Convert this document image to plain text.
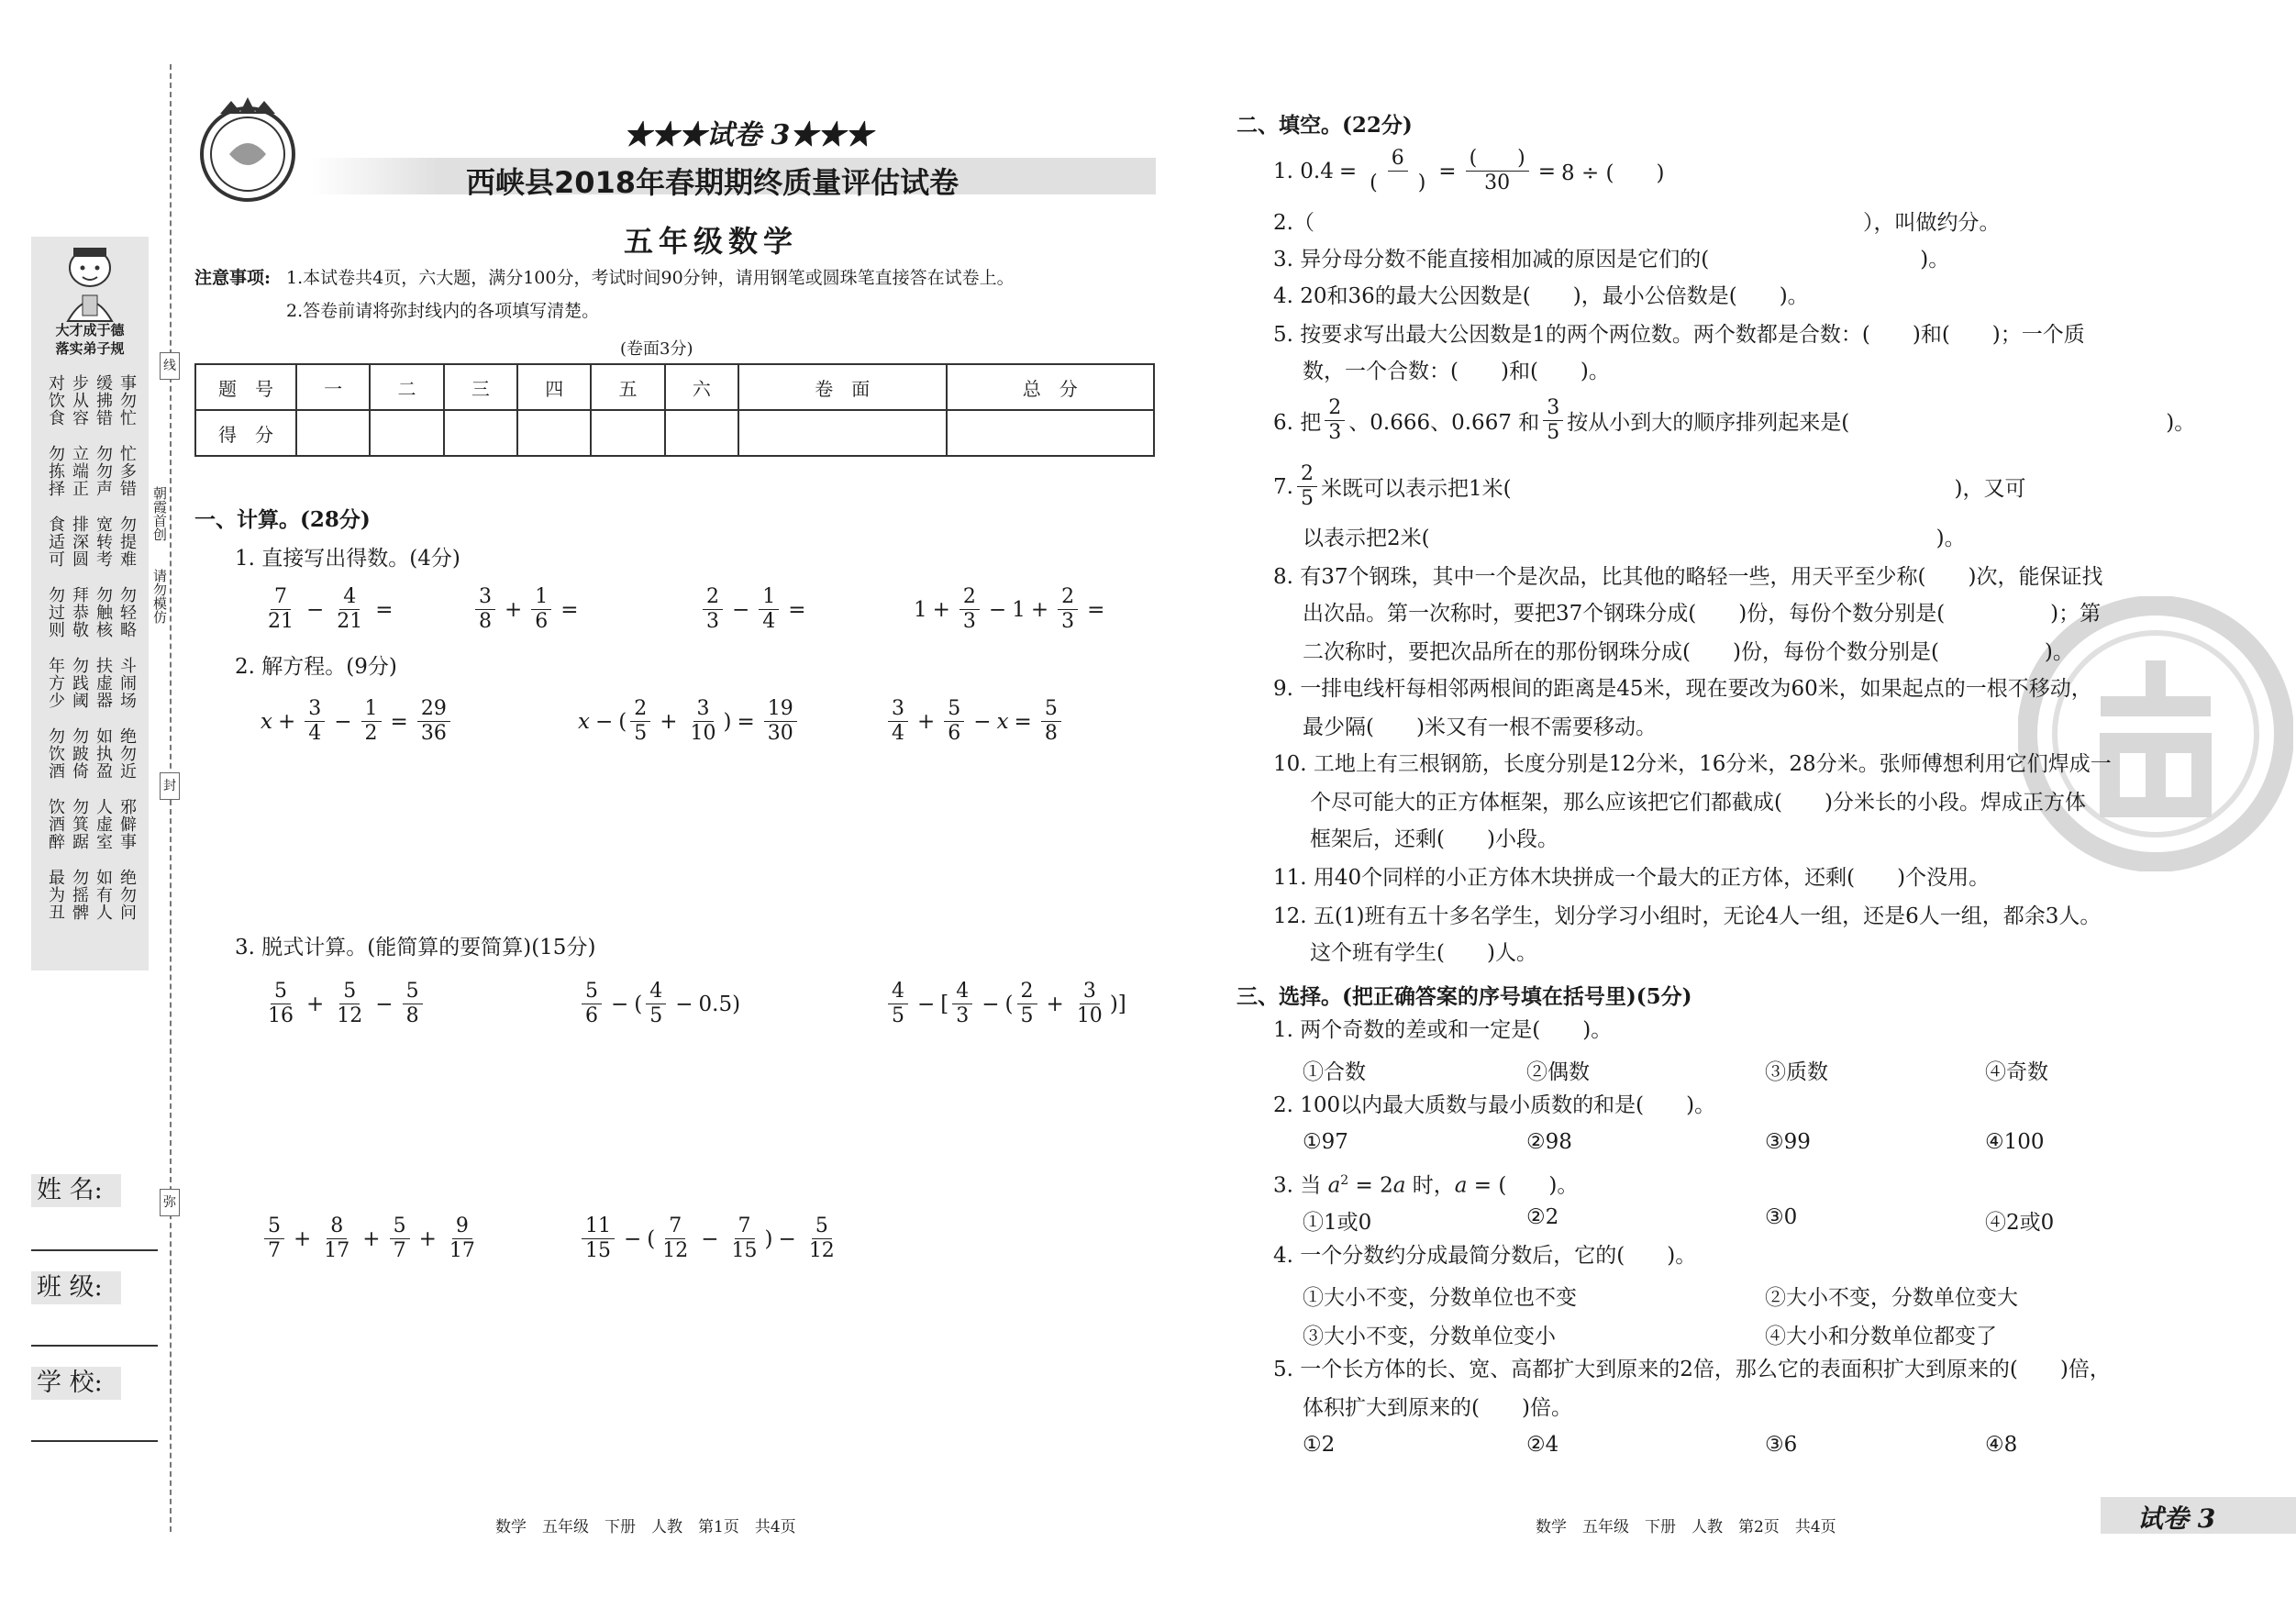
大才成于德
落实弟子规
事勿忙
缓拂错
步从容
对饮食
忙多错
勿勿声
立端正
勿拣择
勿提难
宽转考
排深圆
食适可
勿轻略
勿触核
拜恭敬
勿过则
斗闹场
扶虚器
勿践阈
年方少
绝勿近
如执盈
勿跛倚
勿饮酒
邪僻事
人虚室
勿箕踞
饮酒醉
绝勿问
如有人
勿摇髀
最为丑
朝霞首创
请勿模仿
线
封
弥
姓 名:
班 级:
学 校:
★★★试卷 3★★★
西峡县2018年春期期终质量评估试卷
五年级数学
注意事项: 1.本试卷共4页，六大题，满分100分，考试时间90分钟，请用钢笔或圆珠笔直接答在试卷上。
2.答卷前请将弥封线内的各项填写清楚。
(卷面3分)
题　号	一	二	三	四	五	六	卷　面	总　分
得　分								
一、计算。(28分)
1. 直接写出得数。(4分)
$\frac{7}{21} - \frac{4}{21}$ =	$\frac{3}{8} + \frac{1}{6}$ =	$\frac{2}{3} - \frac{1}{4}$ =	$1 + \frac{2}{3} - 1 + \frac{2}{3}$ =
2. 解方程。(9分)
$x + \frac{3}{4} - \frac{1}{2} = \frac{29}{36}$	x − ( $\frac{2}{5} + \frac{3}{10}$ ) = $\frac{19}{30}$	$\frac{3}{4} + \frac{5}{6} - x = \frac{5}{8}$
3. 脱式计算。(能简算的要简算)(15分)
$\frac{5}{16} + \frac{5}{12} - \frac{5}{8}$	$\frac{5}{6}$ − ( $\frac{4}{5} - 0.5$)	$\frac{4}{5}$ − [ $\frac{4}{3}$ − ( $\frac{2}{5} + \frac{3}{10}$ )]
$\frac{5}{7} + \frac{8}{17} + \frac{5}{7} + \frac{9}{17}$	$\frac{11}{15}$ − ( $\frac{7}{12} - \frac{7}{15}$ ) − $\frac{5}{12}$
数学　五年级　下册　人教　第1页　共4页
二、填空。(22分)
1. $0.4 = \frac{6}{( )} = \frac{( )}{30} = 8$ ÷ (　　)
2.（　　　　　　　　　　　　　　　　　　　　　　　　　　），叫做约分。
3. 异分母分数不能直接相加减的原因是它们的(　　　　　　　　　　)。
4. 20和36的最大公因数是(　　)，最小公倍数是(　　)。
5. 按要求写出最大公因数是1的两个两位数。两个数都是合数：(　　)和(　　)；一个质
数，一个合数：(　　)和(　　)。
6. 把 $\frac{2}{3}$ 、0.666、0.667 和 $\frac{3}{5}$ 按从小到大的顺序排列起来是(　　　　　　　　　　　　　　　)。
7. $\frac{2}{5}$ 米既可以表示把1米(　　　　　　　　　　　　　　　　　　　　　)，又可
以表示把2米(　　　　　　　　　　　　　　　　　　　　　　　　)。
8. 有37个钢珠，其中一个是次品，比其他的略轻一些，用天平至少称(　　)次，能保证找
出次品。第一次称时，要把37个钢珠分成(　　)份，每份个数分别是(　　　　　)；第
二次称时，要把次品所在的那份钢珠分成(　　)份，每份个数分别是(　　　　　)。
9. 一排电线杆每相邻两根间的距离是45米，现在要改为60米，如果起点的一根不移动，
最少隔(　　)米又有一根不需要移动。
10. 工地上有三根钢筋，长度分别是12分米，16分米，28分米。张师傅想利用它们焊成一
个尽可能大的正方体框架，那么应该把它们都截成(　　)分米长的小段。焊成正方体
框架后，还剩(　　)小段。
11. 用40个同样的小正方体木块拼成一个最大的正方体，还剩(　　)个没用。
12. 五(1)班有五十多名学生，划分学习小组时，无论4人一组，还是6人一组，都余3人。
这个班有学生(　　)人。
三、选择。(把正确答案的序号填在括号里)(5分)
1. 两个奇数的差或和一定是(　　)。
①合数	②偶数	③质数	④奇数
2. 100以内最大质数与最小质数的和是(　　)。
①97	②98	③99	④100
3. 当 $a^2 = 2a$ 时，a = (　　)。
①1或0	②2	③0	④2或0
4. 一个分数约分成最简分数后，它的(　　)。
①大小不变，分数单位也不变	②大小不变，分数单位变大
③大小不变，分数单位变小	④大小和分数单位都变了
5. 一个长方体的长、宽、高都扩大到原来的2倍，那么它的表面积扩大到原来的(　　)倍，
体积扩大到原来的(　　)倍。
①2	②4	③6	④8
数学　五年级　下册　人教　第2页　共4页	试卷 3
